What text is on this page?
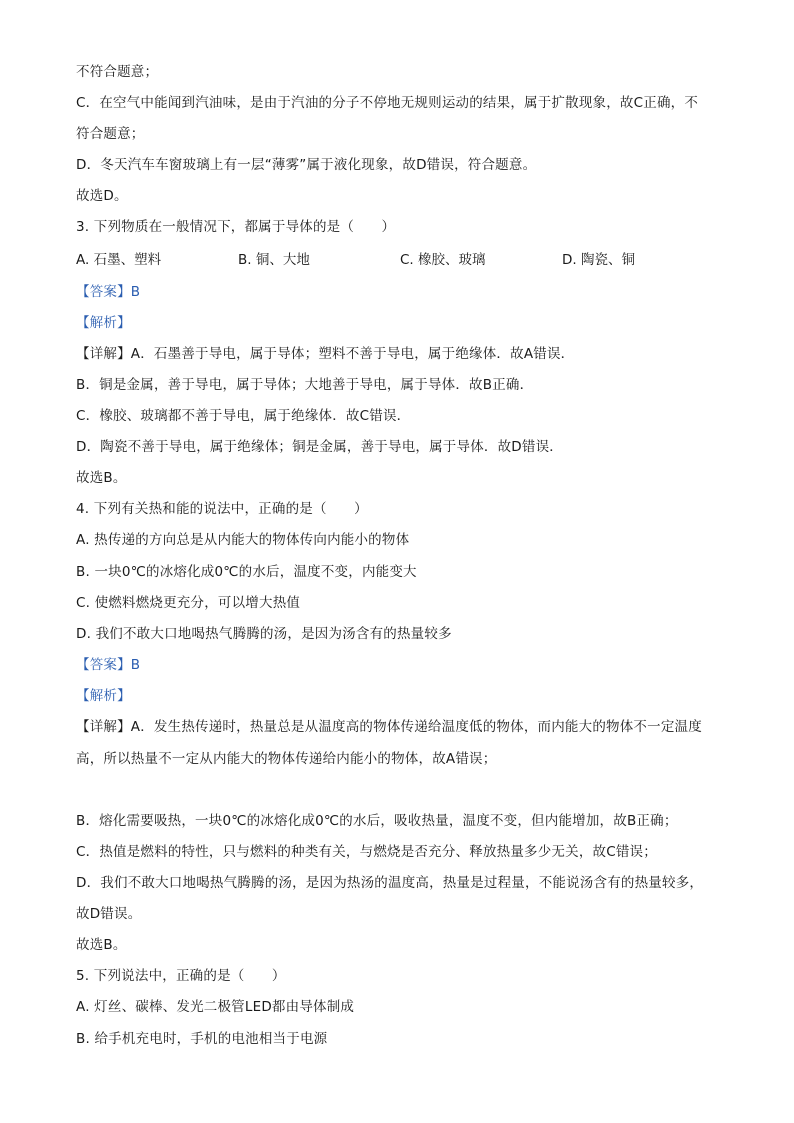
不符合题意；
C．在空气中能闻到汽油味，是由于汽油的分子不停地无规则运动的结果，属于扩散现象，故C正确，不
符合题意；
D．冬天汽车车窗玻璃上有一层“薄雾”属于液化现象，故D错误，符合题意。
故选D。
3. 下列物质在一般情况下，都属于导体的是（　　）
A. 石墨、塑料	B. 铜、大地	C. 橡胶、玻璃	D. 陶瓷、铜
【答案】B
【解析】
【详解】A．石墨善于导电，属于导体；塑料不善于导电，属于绝缘体．故A错误．
B．铜是金属，善于导电，属于导体；大地善于导电，属于导体．故B正确．
C．橡胶、玻璃都不善于导电，属于绝缘体．故C错误．
D．陶瓷不善于导电，属于绝缘体；铜是金属，善于导电，属于导体．故D错误．
故选B。
4. 下列有关热和能的说法中，正确的是（　　）
A. 热传递的方向总是从内能大的物体传向内能小的物体
B. 一块0℃的冰熔化成0℃的水后，温度不变，内能变大
C. 使燃料燃烧更充分，可以增大热值
D. 我们不敢大口地喝热气腾腾的汤，是因为汤含有的热量较多
【答案】B
【解析】
【详解】A．发生热传递时，热量总是从温度高的物体传递给温度低的物体，而内能大的物体不一定温度
高，所以热量不一定从内能大的物体传递给内能小的物体，故A错误；
B．熔化需要吸热，一块0℃的冰熔化成0℃的水后，吸收热量，温度不变，但内能增加，故B正确；
C．热值是燃料的特性，只与燃料的种类有关，与燃烧是否充分、释放热量多少无关，故C错误；
D．我们不敢大口地喝热气腾腾的汤，是因为热汤的温度高，热量是过程量，不能说汤含有的热量较多，
故D错误。
故选B。
5. 下列说法中，正确的是（　　）
A. 灯丝、碳棒、发光二极管LED都由导体制成
B. 给手机充电时，手机的电池相当于电源
